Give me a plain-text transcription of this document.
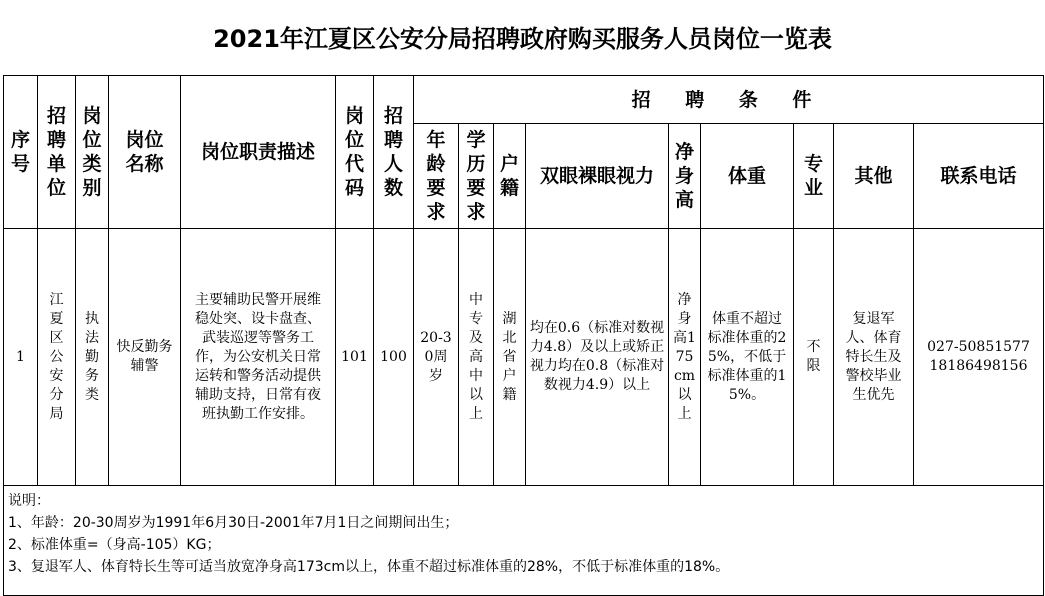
2021年江夏区公安分局招聘政府购买服务人员岗位一览表
序号	招聘单位	岗位类别	岗位名称	岗位职责描述	岗位代码	招聘人数	招 聘 条 件								
							年龄要求	学历要求	户籍	双眼裸眼视力	净身高	体重	专业	其他	联系电话
1	江夏区公安分局	执法勤务类	快反勤务辅警	主要辅助民警开展维稳处突、设卡盘查、武装巡逻等警务工作，为公安机关日常运转和警务活动提供辅助支持，日常有夜班执勤工作安排。	101	100	20-30周岁	中专及高中以上	湖北省户籍	均在0.6（标准对数视力4.8）及以上或矫正视力均在0.8（标准对数视力4.9）以上	净身高175cm以上	体重不超过标准体重的25%，不低于标准体重的15%。	不限	复退军人、体育特长生及警校毕业生优先	027-50851577
18186498156

说明：
1、年龄：20-30周岁为1991年6月30日-2001年7月1日之间期间出生；
2、标准体重=（身高-105）KG；
3、复退军人、体育特长生等可适当放宽净身高173cm以上，体重不超过标准体重的28%，不低于标准体重的18%。															
